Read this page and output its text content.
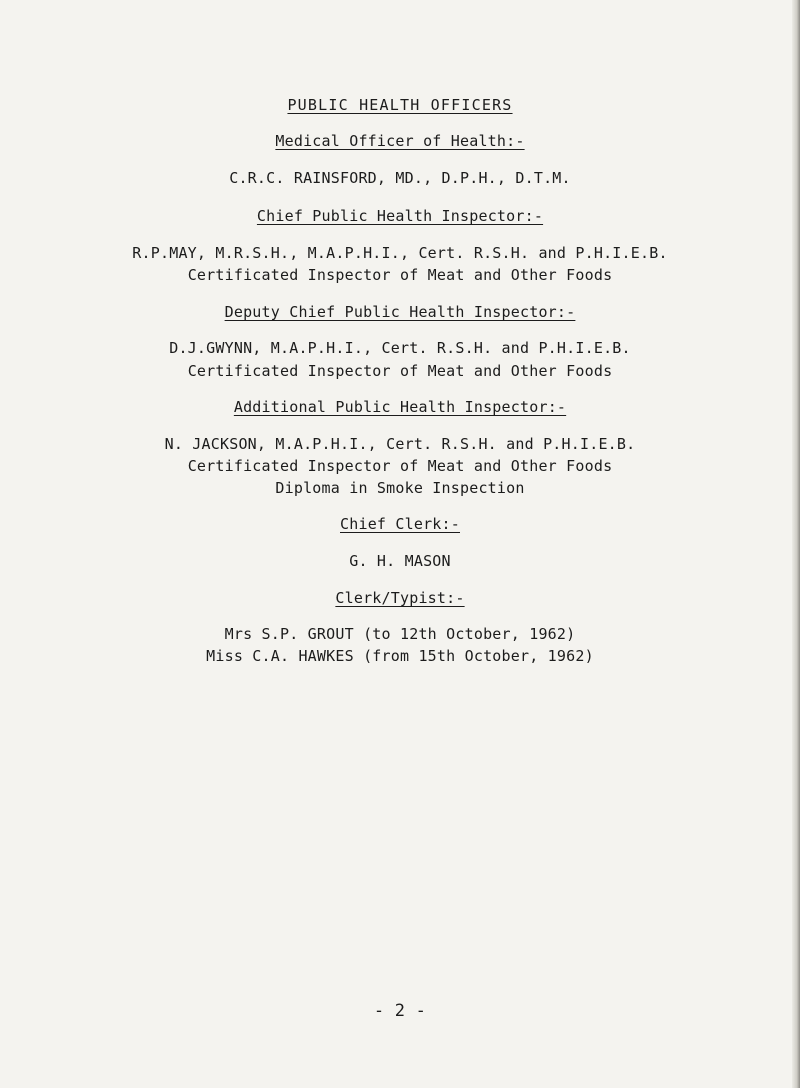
PUBLIC HEALTH OFFICERS
Medical Officer of Health:-
C.R.C. RAINSFORD, MD., D.P.H., D.T.M.
Chief Public Health Inspector:-
R.P.MAY, M.R.S.H., M.A.P.H.I., Cert. R.S.H. and P.H.I.E.B.
Certificated Inspector of Meat and Other Foods
Deputy Chief Public Health Inspector:-
D.J.GWYNN, M.A.P.H.I., Cert. R.S.H. and P.H.I.E.B.
Certificated Inspector of Meat and Other Foods
Additional Public Health Inspector:-
N. JACKSON, M.A.P.H.I., Cert. R.S.H. and P.H.I.E.B.
Certificated Inspector of Meat and Other Foods
Diploma in Smoke Inspection
Chief Clerk:-
G. H. MASON
Clerk/Typist:-
Mrs S.P. GROUT (to 12th October, 1962)
Miss C.A. HAWKES (from 15th October, 1962)
- 2 -
